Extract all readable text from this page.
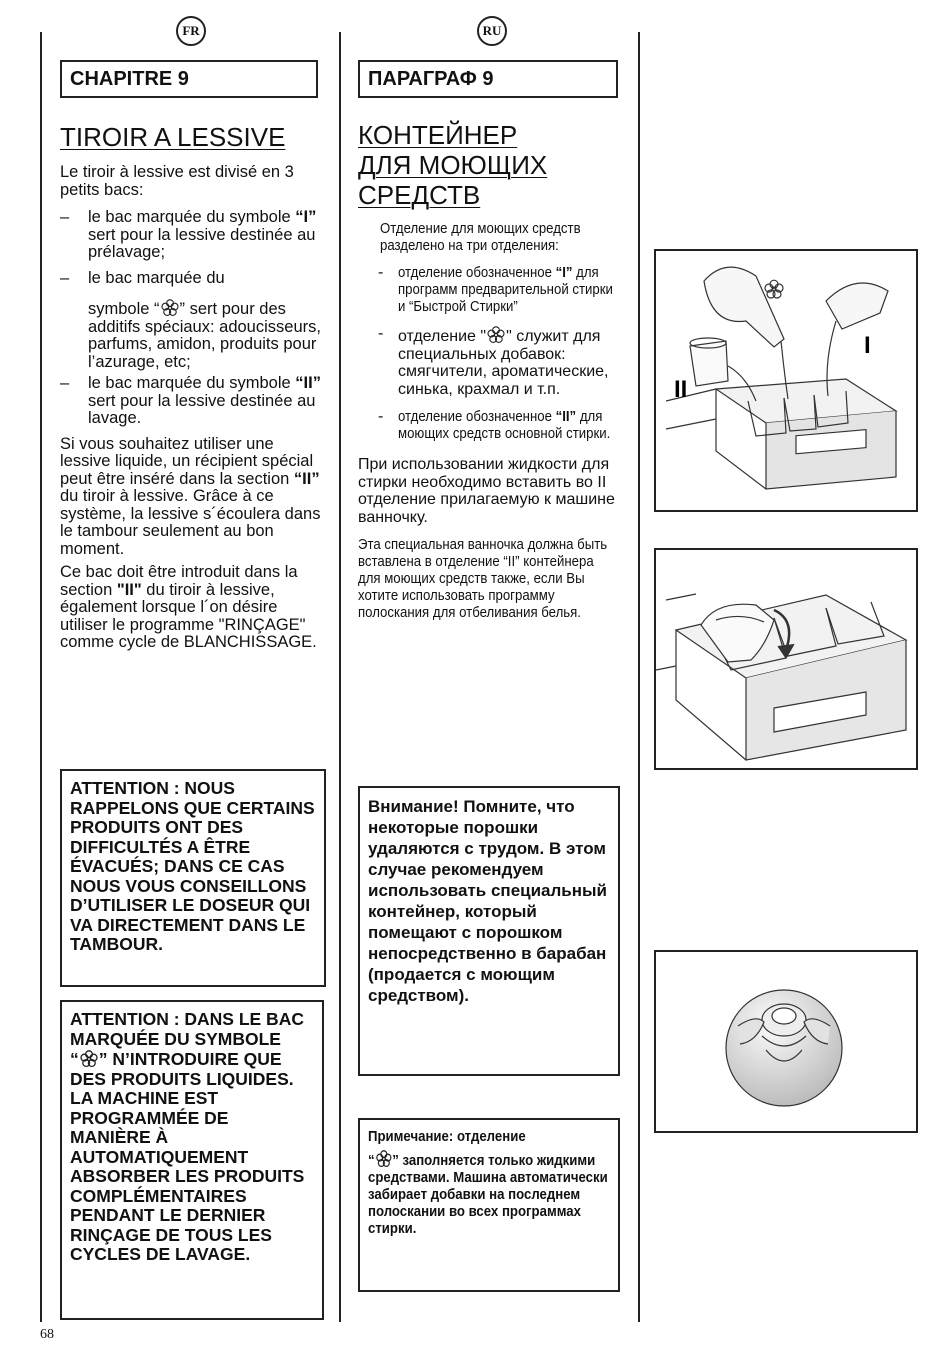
FR	RU
CHAPITRE 9
TIROIR A LESSIVE
Le tiroir à lessive est divisé en 3 petits bacs:
– le bac marquée du symbole “I” sert pour la lessive destinée au prélavage;
– le bac marquée du
symbole “ ” sert pour des additifs spéciaux: adoucisseurs, parfums, amidon, produits pour l’azurage, etc;
– le bac marquée du symbole “II” sert pour la lessive destinée au lavage.
Si vous souhaitez utiliser une lessive liquide, un récipient spécial peut être inséré dans la section “II” du tiroir à lessive. Grâce à ce système, la lessive s´écoulera dans le tambour seulement au bon moment.
Ce bac doit être introduit dans la section "II" du tiroir à lessive, également lorsque l´on désire utiliser le programme "RINÇAGE" comme cycle de BLANCHISSAGE.
ATTENTION : NOUS RAPPELONS QUE CERTAINS PRODUITS ONT DES DIFFICULTÉS A ÊTRE ÉVACUÉS; DANS CE CAS NOUS VOUS CONSEILLONS D’UTILISER LE DOSEUR QUI VA DIRECTEMENT DANS LE TAMBOUR.
ATTENTION : DANS LE BAC MARQUÉE DU SYMBOLE
“ ” N’INTRODUIRE QUE DES PRODUITS LIQUIDES. LA MACHINE EST PROGRAMMÉE DE MANIÈRE À AUTOMATIQUEMENT ABSORBER LES PRODUITS COMPLÉMENTAIRES PENDANT LE DERNIER RINÇAGE DE TOUS LES CYCLES DE LAVAGE.
ПАРАГРАФ 9
КОНТЕЙНЕР
ДЛЯ МОЮЩИХ
СРЕДСТВ
Отделение для моющих средств разделено на три отделения:
- отделение обозначенное “I” для программ предварительной стирки и “Быстрой Стирки”
- отделение " " служит для специальных добавок: смягчители, ароматические, синька, крахмал и т.п.
- отделение обозначенное “II” для моющих средств основной стирки.
При использовании жидкости для стирки необходимо вставить во II отделение прилагаемую к машине ванночку.
Эта специальная ванночка должна быть вставлена в отделение “II” контейнера для моющих средств также, если Вы хотите использовать программу полоскания для отбеливания белья.
Внимание! Помните, что некоторые порошки удаляются с трудом. В этом случае рекомендуем использовать специальный контейнер, который помещают с порошком непосредственно в барабан (продается с моющим средством).
Примечание: отделение
“ ” заполняется только жидкими средствами. Машина автоматически забирает добавки на последнем полоскании во всех программах стирки.
I
II
68
